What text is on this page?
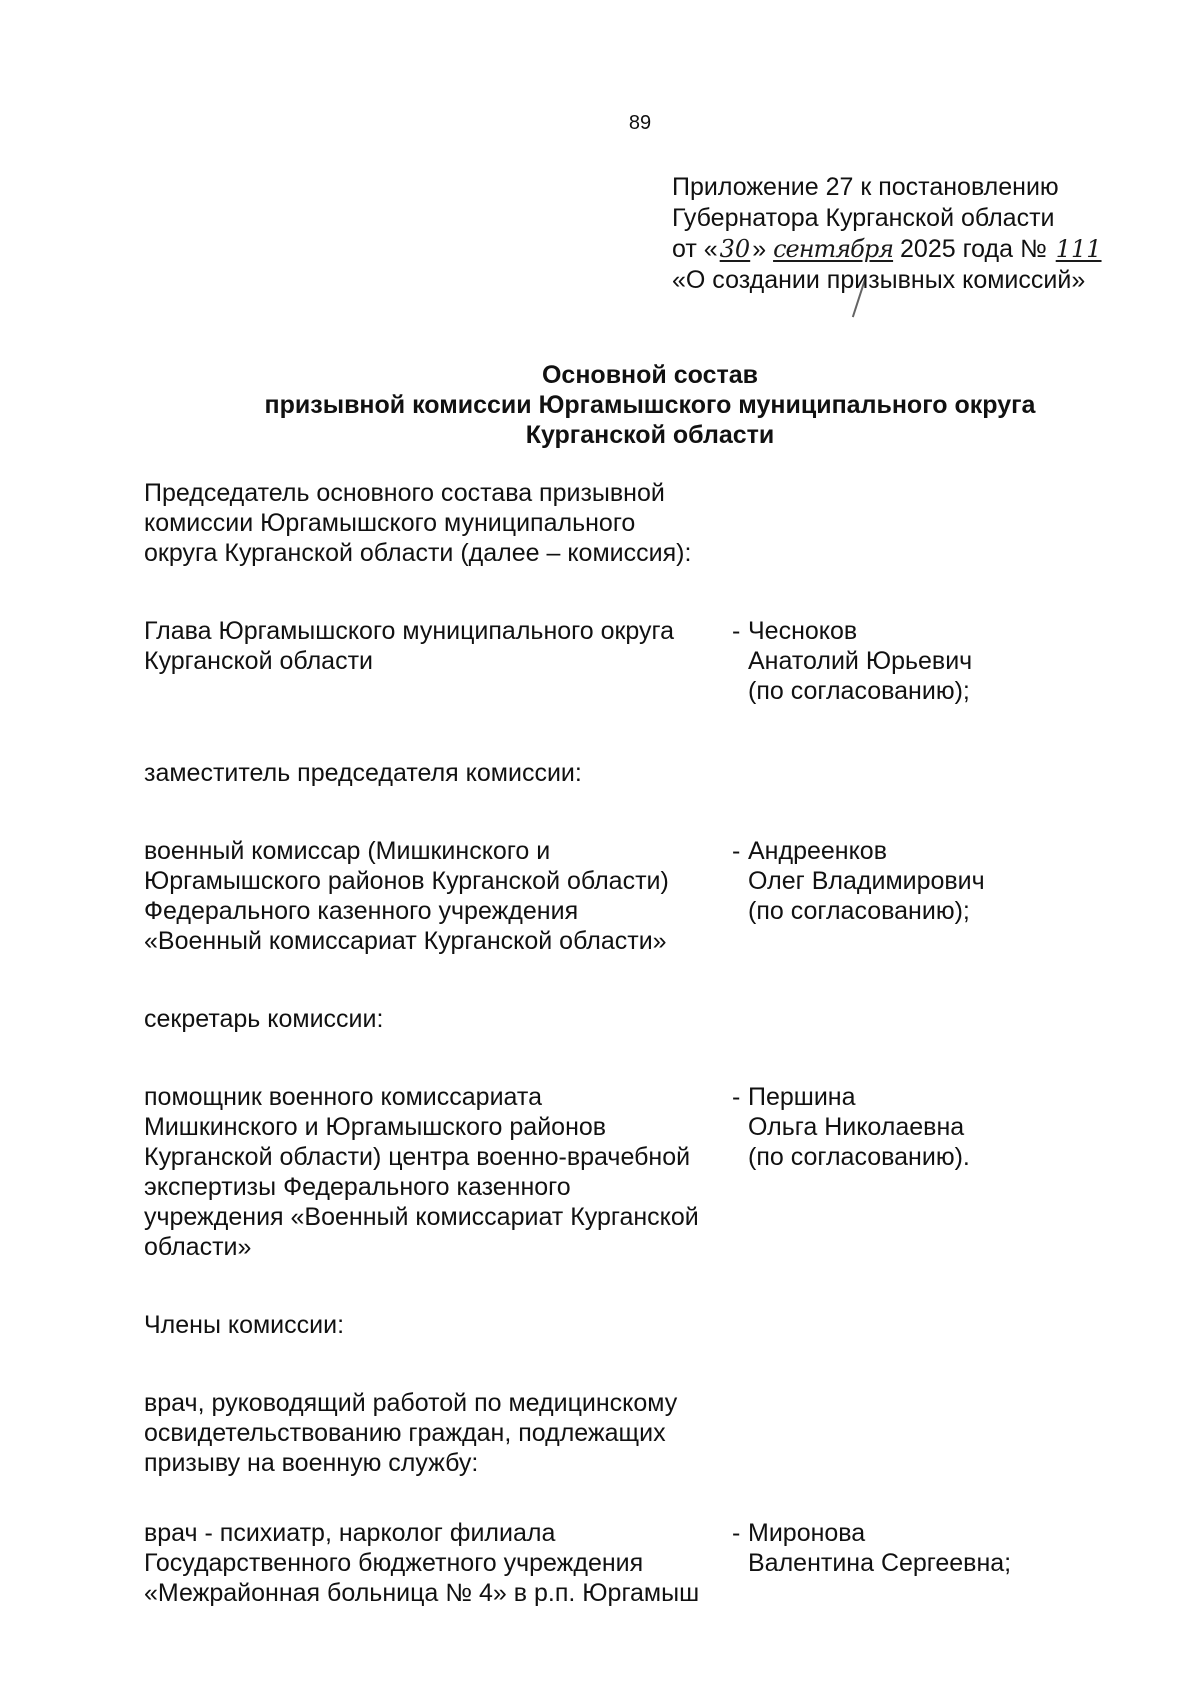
89
Приложение 27 к постановлению
Губернатора Курганской области
от «30» сентября 2025 года № 111
«О создании призывных комиссий»
Основной состав
призывной комиссии Юргамышского муниципального округа
Курганской области
Председатель основного состава призывной
комиссии Юргамышского муниципального
округа Курганской области (далее – комиссия):
Глава Юргамышского муниципального округа
Курганской области
- Чесноков
Анатолий Юрьевич
(по согласованию);
заместитель председателя комиссии:
военный комиссар (Мишкинского и
Юргамышского районов Курганской области)
Федерального казенного учреждения
«Военный комиссариат Курганской области»
- Андреенков
Олег Владимирович
(по согласованию);
секретарь комиссии:
помощник военного комиссариата
Мишкинского и Юргамышского районов
Курганской области) центра военно-врачебной
экспертизы Федерального казенного
учреждения «Военный комиссариат Курганской
области»
- Першина
Ольга Николаевна
(по согласованию).
Члены комиссии:
врач, руководящий работой по медицинскому
освидетельствованию граждан, подлежащих
призыву на военную службу:
врач - психиатр, нарколог филиала
Государственного бюджетного учреждения
«Межрайонная больница № 4» в р.п. Юргамыш
- Миронова
Валентина Сергеевна;
